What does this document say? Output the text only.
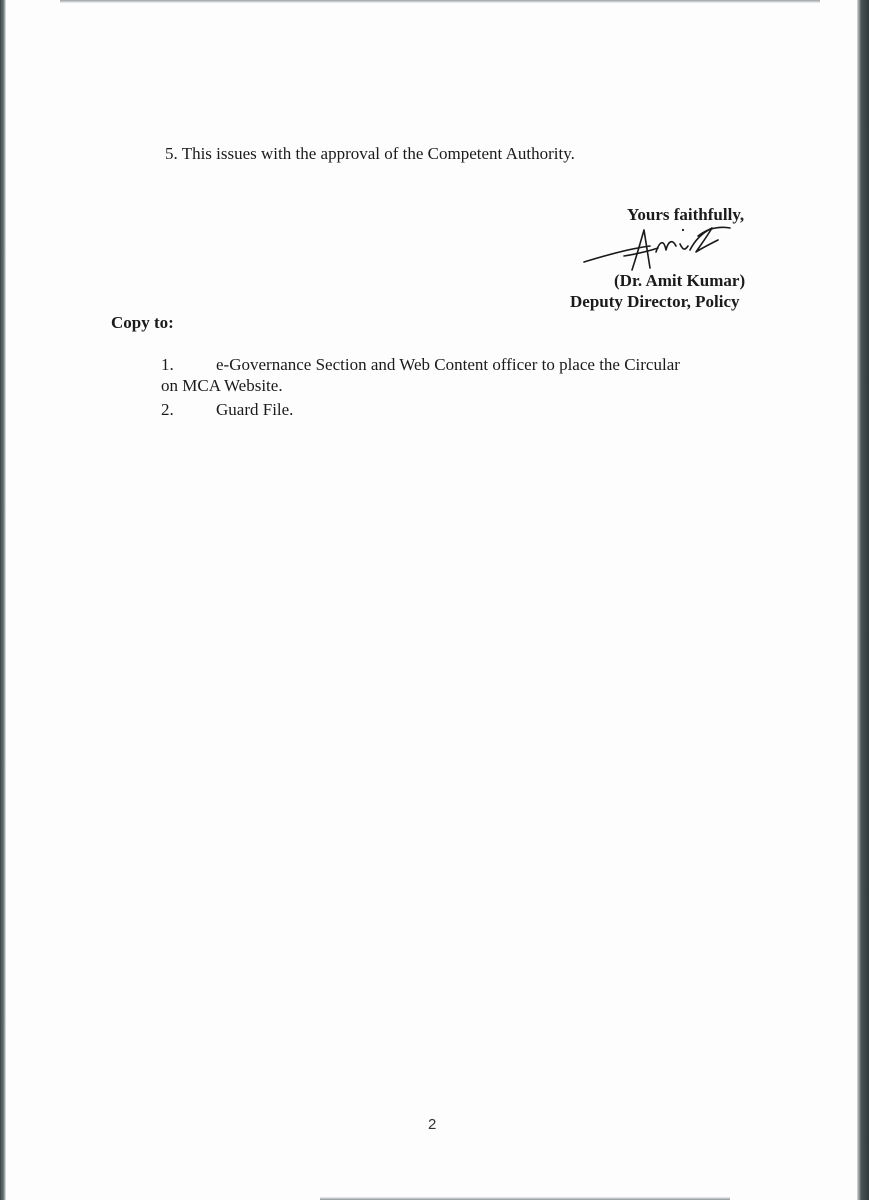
5. This issues with the approval of the Competent Authority.
Yours faithfully,
(Dr. Amit Kumar)
Deputy Director, Policy
Copy to:
1. e-Governance Section and Web Content officer to place the Circular
on MCA Website.
2. Guard File.
2
